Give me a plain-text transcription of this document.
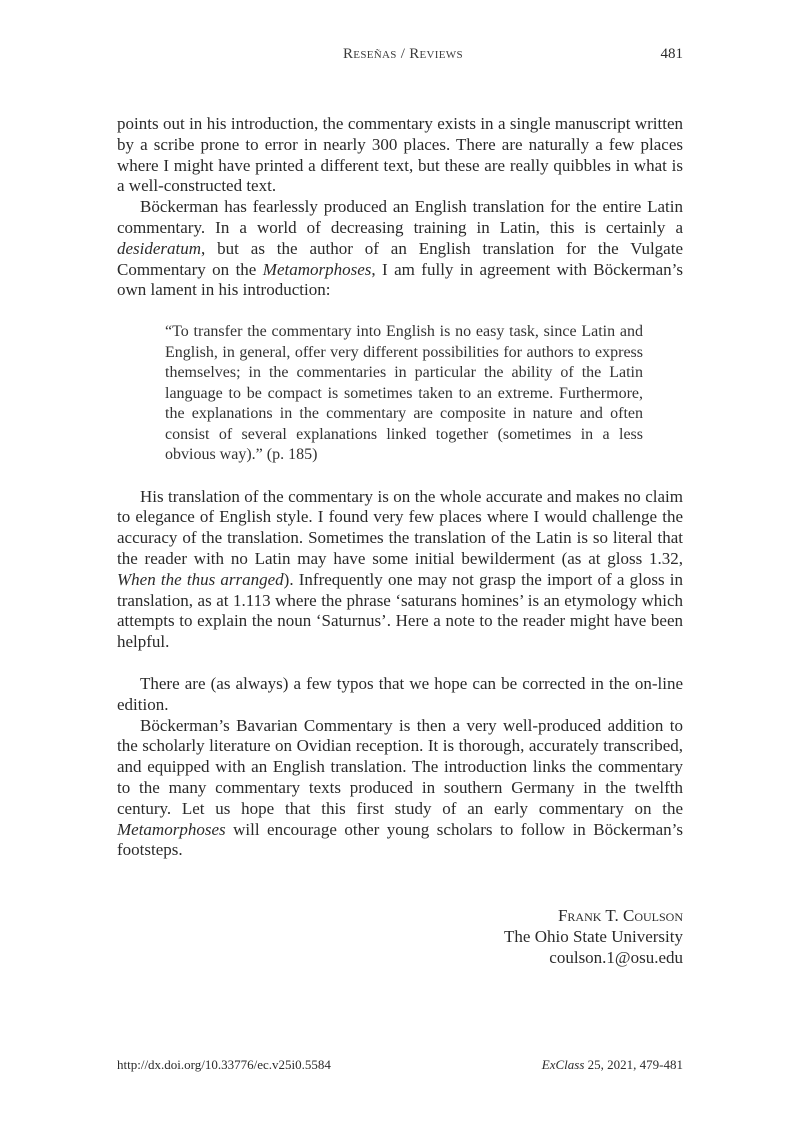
Reseñas / Reviews	481

points out in his introduction, the commentary exists in a single manuscript written by a scribe prone to error in nearly 300 places. There are naturally a few places where I might have printed a different text, but these are really quibbles in what is a well-constructed text.

Böckerman has fearlessly produced an English translation for the entire Latin commentary. In a world of decreasing training in Latin, this is certainly a desideratum, but as the author of an English translation for the Vulgate Commentary on the Metamorphoses, I am fully in agreement with Böckerman’s own lament in his introduction:

“To transfer the commentary into English is no easy task, since Latin and English, in general, offer very different possibilities for authors to express themselves; in the commentaries in particular the ability of the Latin language to be compact is sometimes taken to an extreme. Furthermore, the explanations in the commentary are composite in nature and often consist of several explanations linked together (sometimes in a less obvious way).” (p. 185)

His translation of the commentary is on the whole accurate and makes no claim to elegance of English style. I found very few places where I would challenge the accuracy of the translation. Sometimes the translation of the Latin is so literal that the reader with no Latin may have some initial bewilderment (as at gloss 1.32, When the thus arranged). Infrequently one may not grasp the import of a gloss in translation, as at 1.113 where the phrase ‘saturans homines’ is an etymology which attempts to explain the noun ‘Saturnus’. Here a note to the reader might have been helpful.

There are (as always) a few typos that we hope can be corrected in the on-line edition.

Böckerman’s Bavarian Commentary is then a very well-produced addition to the scholarly literature on Ovidian reception. It is thorough, accurately transcribed, and equipped with an English translation. The introduction links the commentary to the many commentary texts produced in southern Germany in the twelfth century. Let us hope that this first study of an early commentary on the Metamorphoses will encourage other young scholars to follow in Böckerman’s footsteps.

Frank T. Coulson
The Ohio State University
coulson.1@osu.edu
http://dx.doi.org/10.33776/ec.v25i0.5584	ExClass 25, 2021, 479-481
